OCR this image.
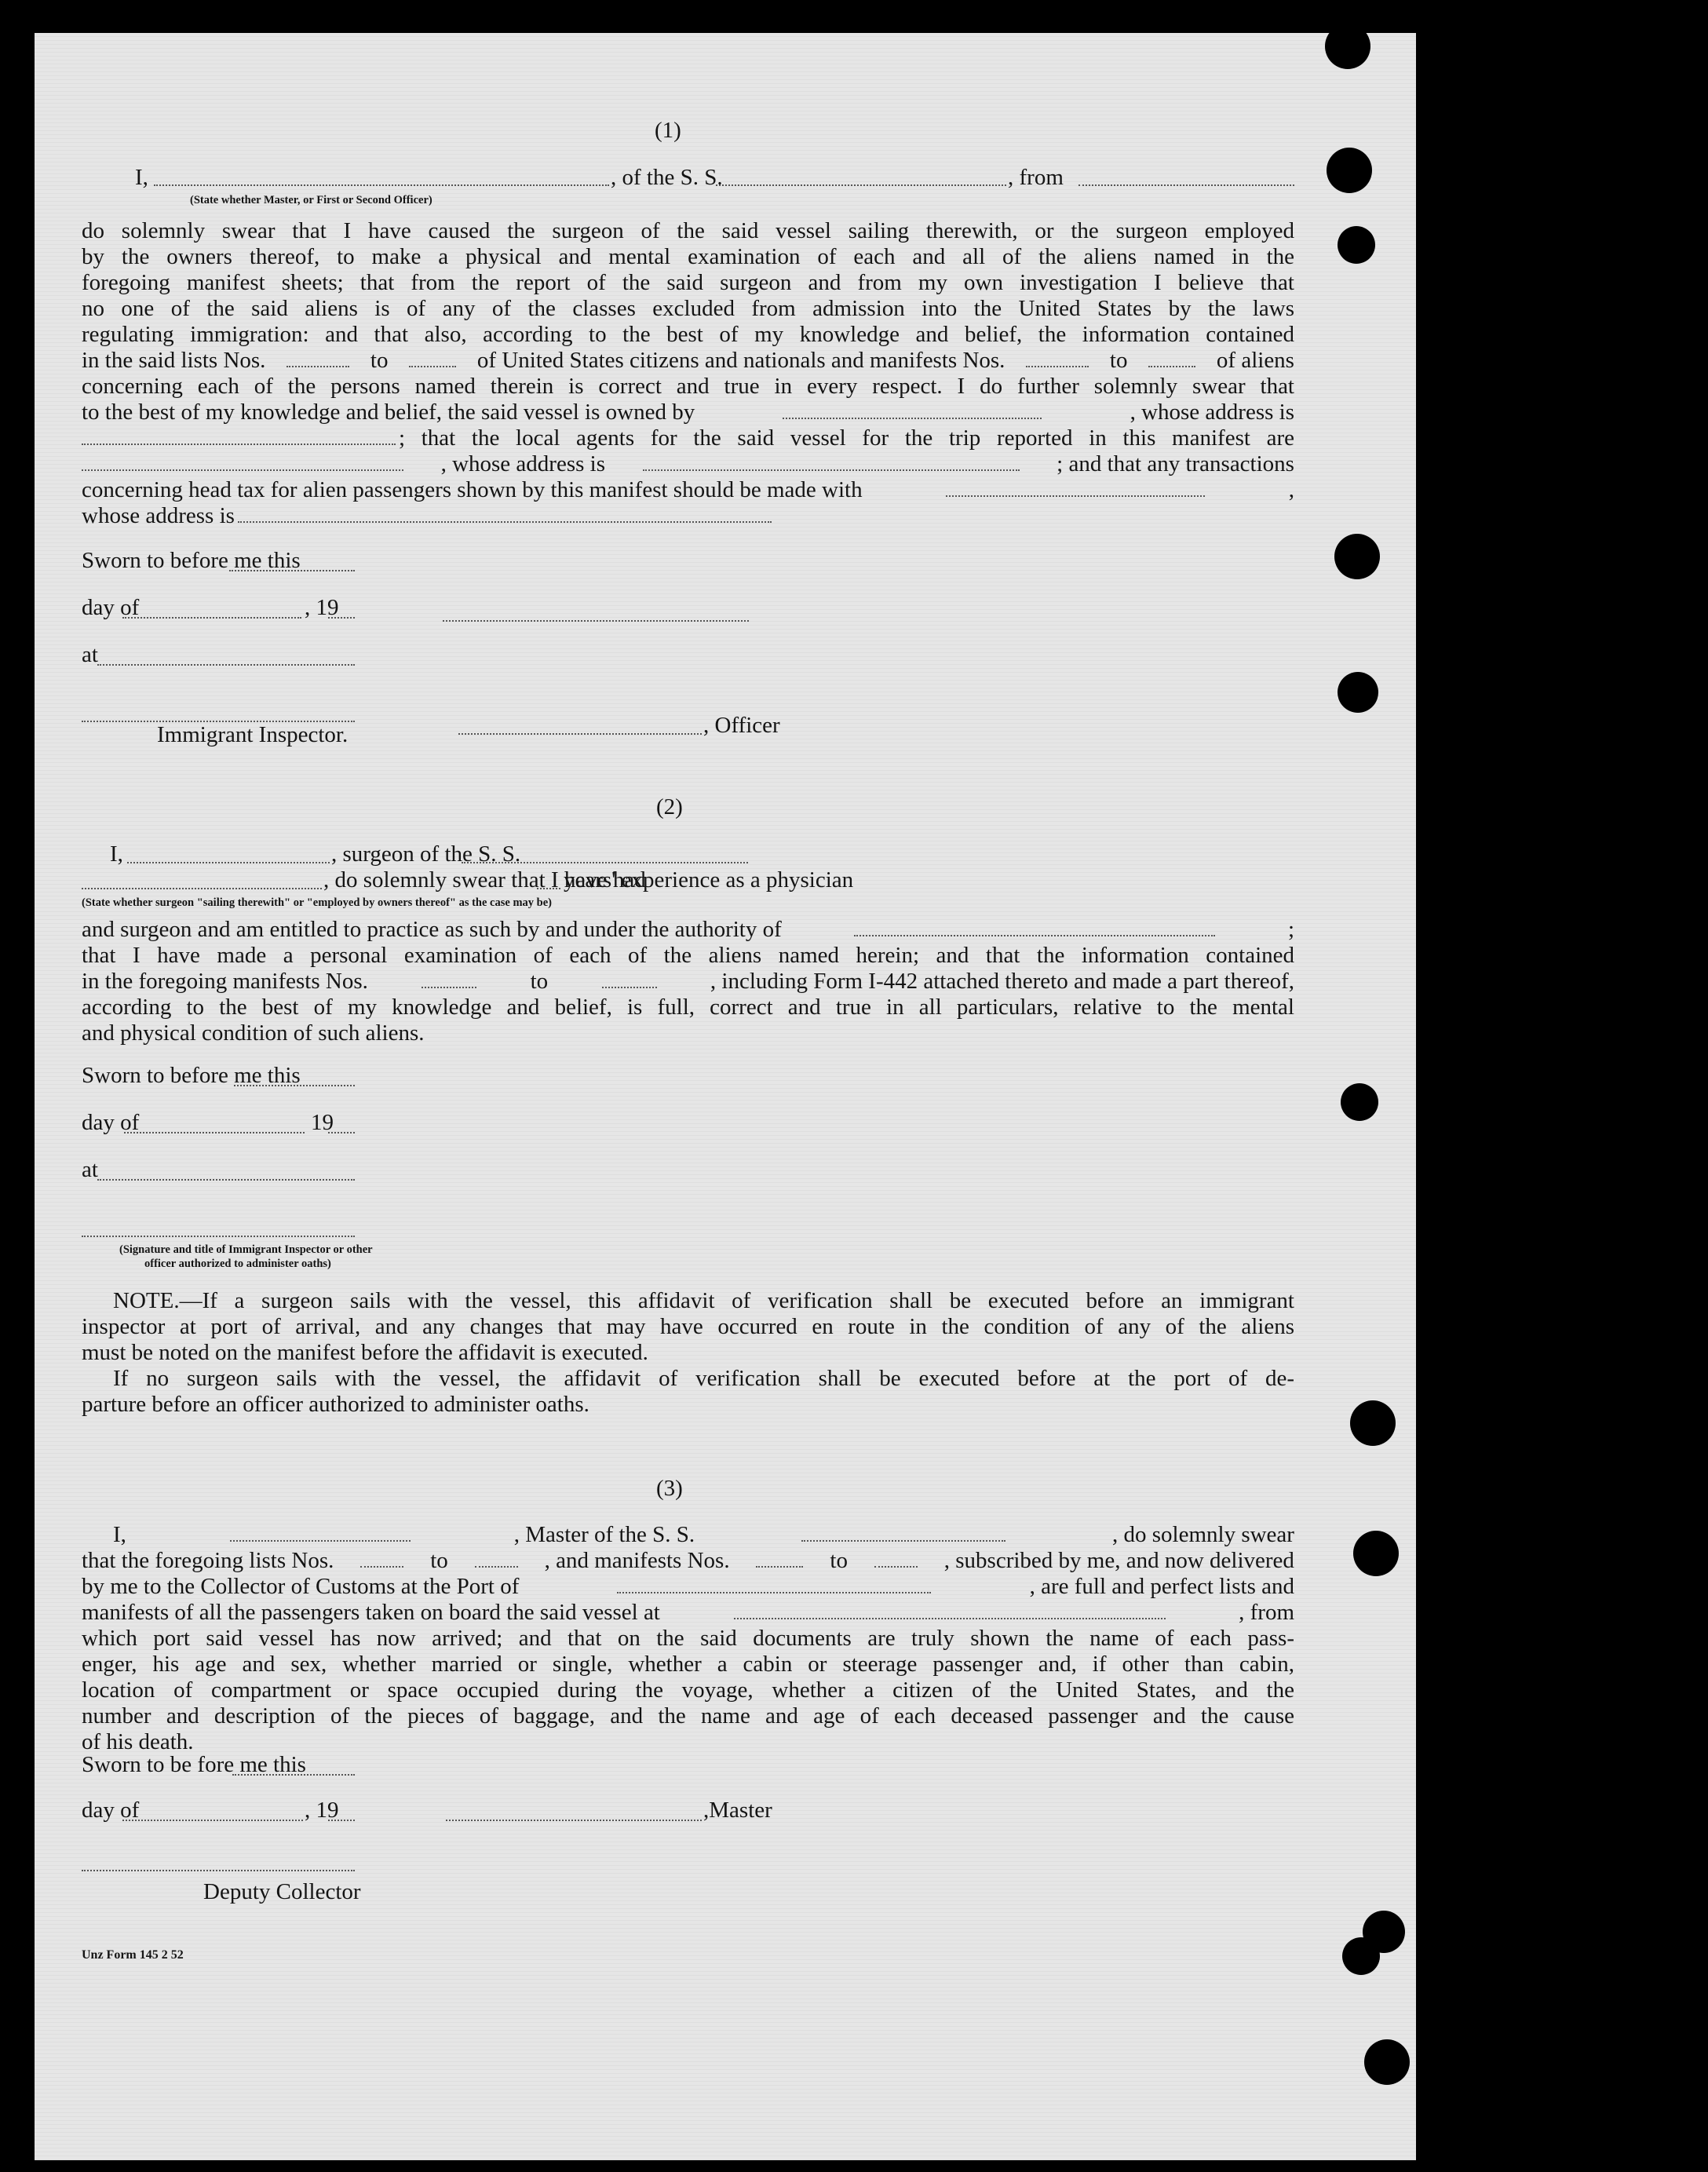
(1)
I,	, of the S. S.	, from
(State whether Master, or First or Second Officer)
do solemnly swear that I have caused the surgeon of the said vessel sailing therewith, or the surgeon employed
by the owners thereof, to make a physical and mental examination of each and all of the aliens named in the
foregoing manifest sheets; that from the report of the said surgeon and from my own investigation I believe that
no one of the said aliens is of any of the classes excluded from admission into the United States by the laws
regulating immigration: and that also, according to the best of my knowledge and belief, the information contained
in the said lists Nos.	to	of United States citizens and nationals and manifests Nos.	to	of aliens
concerning each of the persons named therein is correct and true in every respect. I do further solemnly swear that
to the best of my knowledge and belief, the said vessel is owned by	, whose address is
; that the local agents for the said vessel for the trip reported in this manifest are
, whose address is	; and that any transactions
concerning head tax for alien passengers shown by this manifest should be made with	,
whose address is
Sworn to before me this
day of	, 19
at
, Officer
Immigrant Inspector.
(2)
I,	, surgeon of the S. S.
, do solemnly swear that I have had
years' experience as a physician
(State whether surgeon "sailing therewith" or "employed by owners thereof" as the case may be)
and surgeon and am entitled to practice as such by and under the authority of	;
that I have made a personal examination of each of the aliens named herein; and that the information contained
in the foregoing manifests Nos.	to	, including Form I-442 attached thereto and made a part thereof,
according to the best of my knowledge and belief, is full, correct and true in all particulars, relative to the mental
and physical condition of such aliens.
Sworn to before me this
day of	19
at
(Signature and title of Immigrant Inspector or other
officer authorized to administer oaths)
NOTE.—If a surgeon sails with the vessel, this affidavit of verification shall be executed before an immigrant
inspector at port of arrival, and any changes that may have occurred en route in the condition of any of the aliens
must be noted on the manifest before the affidavit is executed.
If no surgeon sails with the vessel, the affidavit of verification shall be executed before at the port of de-
parture before an officer authorized to administer oaths.
(3)
I,	, Master of the S. S.	, do solemnly swear
that the foregoing lists Nos.	to	, and manifests Nos.	to	, subscribed by me, and now delivered
by me to the Collector of Customs at the Port of	, are full and perfect lists and
manifests of all the passengers taken on board the said vessel at	, from
which port said vessel has now arrived; and that on the said documents are truly shown the name of each pass-
enger, his age and sex, whether married or single, whether a cabin or steerage passenger and, if other than cabin,
location of compartment or space occupied during the voyage, whether a citizen of the United States, and the
number and description of the pieces of baggage, and the name and age of each deceased passenger and the cause
of his death.
Sworn to be fore me this
day of	, 19	,Master
Deputy Collector
Unz Form 145 2 52
